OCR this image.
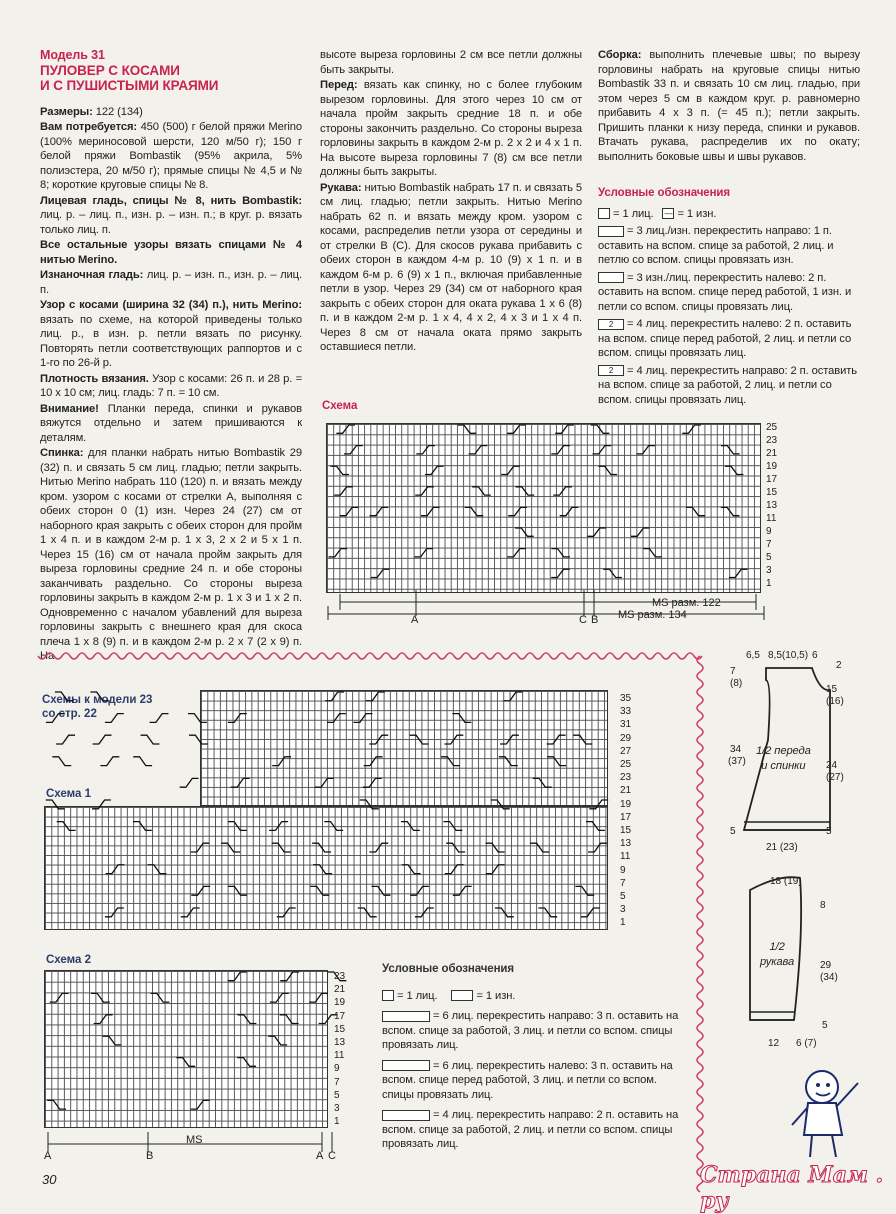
Модель 31
ПУЛОВЕР С КОСАМИ
И С ПУШИСТЫМИ КРАЯМИ

Размеры: 122 (134)

Вам потребуется: 450 (500) г белой пряжи Merino (100% мериносовой шерсти, 120 м/50 г); 150 г белой пряжи Bombastik (95% акрила, 5% полиэстера, 20 м/50 г); прямые спицы № 4,5 и № 8; короткие круговые спицы № 8.

Лицевая гладь, спицы № 8, нить Bombastik: лиц. р. – лиц. п., изн. р. – изн. п.; в круг. р. вязать только лиц. п.

Все остальные узоры вязать спицами № 4 нитью Merino.

Изнаночная гладь: лиц. р. – изн. п., изн. р. – лиц. п.

Узор с косами (ширина 32 (34) п.), нить Merino: вязать по схеме, на которой приведены только лиц. р., в изн. р. петли вязать по рисунку. Повторять петли соответствующих раппортов и с 1-го по 26-й р.

Плотность вязания. Узор с косами: 26 п. и 28 р. = 10 х 10 см; лиц. гладь: 7 п. = 10 см.

Внимание! Планки переда, спинки и рукавов вяжутся отдельно и затем пришиваются к деталям.

Спинка: для планки набрать нитью Bombastik 29 (32) п. и связать 5 см лиц. гладью; петли закрыть. Нитью Merino набрать 110 (120) п. и вязать между кром. узором с косами от стрелки А, выполняя с обеих сторон 0 (1) изн. Через 24 (27) см от наборного края закрыть с обеих сторон для пройм 1 х 4 п. и в каждом 2-м р. 1 х 3, 2 х 2 и 5 х 1 п. Через 15 (16) см от начала пройм закрыть для выреза горловины средние 24 п. и обе стороны заканчивать раздельно. Со стороны выреза горловины закрыть в каждом 2-м р. 1 х 3 и 1 х 2 п. Одновременно с началом убавлений для выреза горловины закрыть с внешнего края для скоса плеча 1 х 8 (9) п. и в каждом 2-м р. 2 х 7 (2 х 9) п. На

высоте выреза горловины 2 см все петли должны быть закрыты.

Перед: вязать как спинку, но с более глубоким вырезом горловины. Для этого через 10 см от начала пройм закрыть средние 18 п. и обе стороны закончить раздельно. Со стороны выреза горловины закрыть в каждом 2-м р. 2 х 2 и 4 х 1 п. На высоте выреза горловины 7 (8) см все петли должны быть закрыты.

Рукава: нитью Bombastik набрать 17 п. и связать 5 см лиц. гладью; петли закрыть. Нитью Merino набрать 62 п. и вязать между кром. узором с косами, распределив петли узора от середины и от стрелки В (С). Для скосов рукава прибавить с обеих сторон в каждом 4-м р. 10 (9) х 1 п. и в каждом 6-м р. 6 (9) х 1 п., включая прибавленные петли в узор. Через 29 (34) см от наборного края закрыть с обеих сторон для оката рукава 1 х 6 (8) п. и в каждом 2-м р. 1 х 4, 4 х 2, 4 х 3 и 1 х 4 п. Через 8 см от начала оката прямо закрыть оставшиеся петли.

Сборка: выполнить плечевые швы; по вырезу горловины набрать на круговые спицы нитью Bombastik 33 п. и связать 10 см лиц. гладью, при этом через 5 см в каждом круг. р. равномерно прибавить 4 х 3 п. (= 45 п.); петли закрыть. Пришить планки к низу переда, спинки и рукавов. Втачать рукава, распределив их по окату; выполнить боковые швы и швы рукавов.

Условные обозначения
= 1 лиц. — = 1 изн.
= 3 лиц./изн. перекрестить направо: 1 п. оставить на вспом. спице за работой, 2 лиц. и петлю со вспом. спицы провязать изн.
= 3 изн./лиц. перекрестить налево: 2 п. оставить на вспом. спице перед работой, 1 изн. и петли со вспом. спицы провязать лиц.
2 = 4 лиц. перекрестить налево: 2 п. оставить на вспом. спице перед работой, 2 лиц. и петли со вспом. спицы провязать лиц.
2 = 4 лиц. перекрестить направо: 2 п. оставить на вспом. спице за работой, 2 лиц. и петли со вспом. спицы провязать лиц.
Схема
25
23
21
19
17
15
13
11
9
7
5
3
1
A	C B
MS разм. 122
MS разм. 134
Схемы к модели 23
со стр. 22
Схема 1
35
33
31
29
27
25
23
21
19
17
15
13
11
9
7
5
3
1
Схема 2
23
21
19
17
15
13
11
9
7
5
3
1
MS
A	B	A C
Условные обозначения
= 1 лиц.	= 1 изн.
= 6 лиц. перекрестить направо: 3 п. оставить на вспом. спице за работой, 3 лиц. и петли со вспом. спицы провязать лиц.
= 6 лиц. перекрестить налево: 3 п. оставить на вспом. спице перед работой, 3 лиц. и петли со вспом. спицы провязать лиц.
= 4 лиц. перекрестить направо: 2 п. оставить на вспом. спице за работой, 2 лиц. и петли со вспом. спицы провязать лиц.
1/2 переда
и спинки
6,5 8,5(10,5) 6
2
7
(8)
15
(16)
34
(37)	24
(27)
5	5
21 (23)
1/2
рукава
18 (19)
8
29
(34)
5
12 6 (7)
30	Страна Мам . ру
